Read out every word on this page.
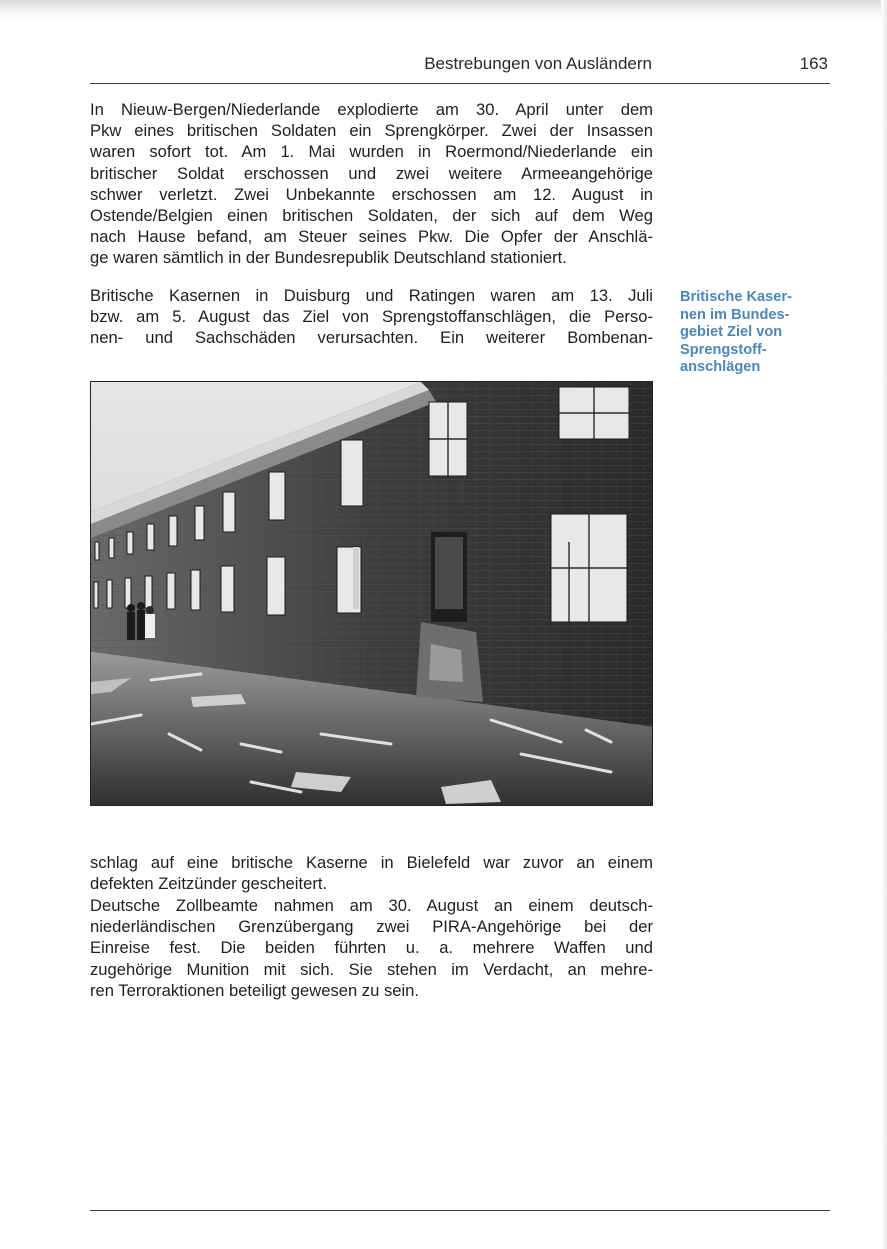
Bestrebungen von Ausländern	163

In Nieuw-Bergen/Niederlande explodierte am 30. April unter dem
Pkw eines britischen Soldaten ein Sprengkörper. Zwei der Insassen
waren sofort tot. Am 1. Mai wurden in Roermond/Niederlande ein
britischer Soldat erschossen und zwei weitere Armeeangehörige
schwer verletzt. Zwei Unbekannte erschossen am 12. August in
Ostende/Belgien einen britischen Soldaten, der sich auf dem Weg
nach Hause befand, am Steuer seines Pkw. Die Opfer der Anschlä-
ge waren sämtlich in der Bundesrepublik Deutschland stationiert.

Britische Kasernen in Duisburg und Ratingen waren am 13. Juli
bzw. am 5. August das Ziel von Sprengstoffanschlägen, die Perso-
nen- und Sachschäden verursachten. Ein weiterer Bombenan-

Britische Kaser-
nen im Bundes-
gebiet Ziel von
Sprengstoff-
anschlägen

schlag auf eine britische Kaserne in Bielefeld war zuvor an einem
defekten Zeitzünder gescheitert.

Deutsche Zollbeamte nahmen am 30. August an einem deutsch-
niederländischen Grenzübergang zwei PIRA-Angehörige bei der
Einreise fest. Die beiden führten u. a. mehrere Waffen und
zugehörige Munition mit sich. Sie stehen im Verdacht, an mehre-
ren Terroraktionen beteiligt gewesen zu sein.
